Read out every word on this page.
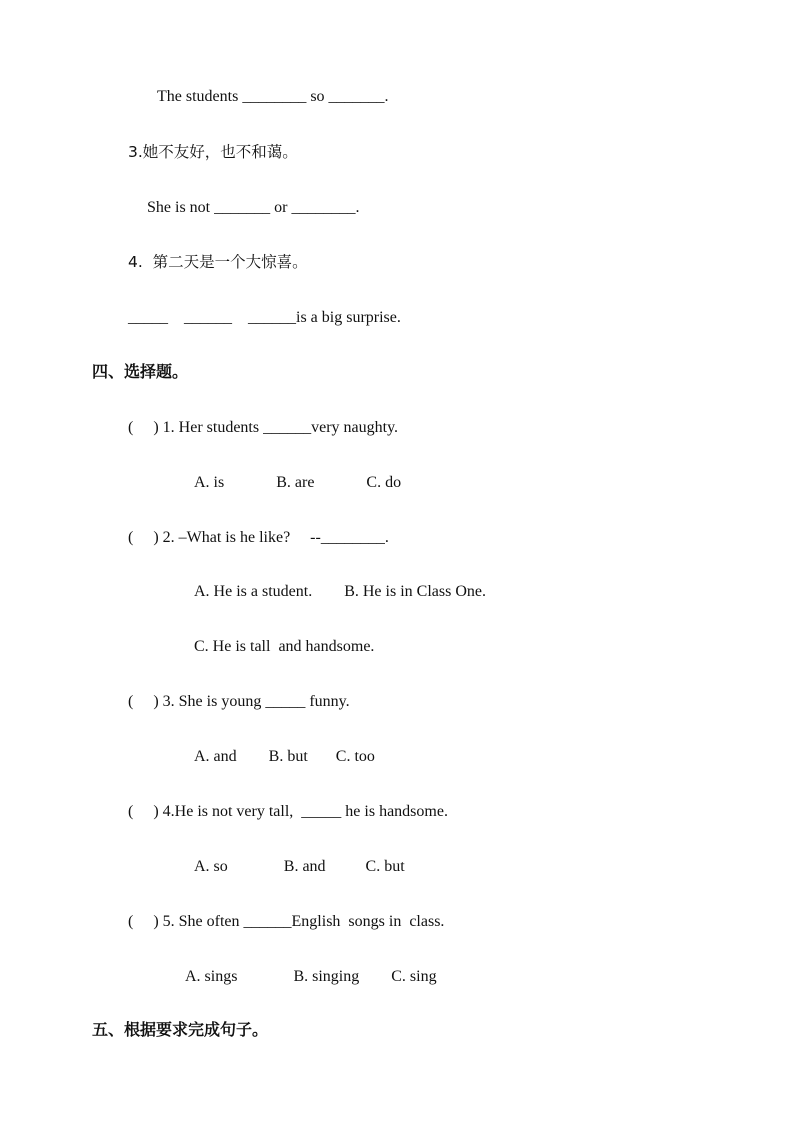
The students ________ so _______.
3.她不友好，也不和蔼。
She is not _______ or ________.
4.  第二天是一个大惊喜。
_____    ______    ______is a big surprise.
四、选择题。
(     ) 1. Her students ______very naughty.
A. is             B. are             C. do
(     ) 2. –What is he like?     --________.
A. He is a student.        B. He is in Class One.
C. He is tall  and handsome.
(     ) 3. She is young _____ funny.
A. and        B. but       C. too
(     ) 4.He is not very tall,  _____ he is handsome.
A. so              B. and          C. but
(     ) 5. She often ______English  songs in  class.
A. sings              B. singing        C. sing
五、根据要求完成句子。
